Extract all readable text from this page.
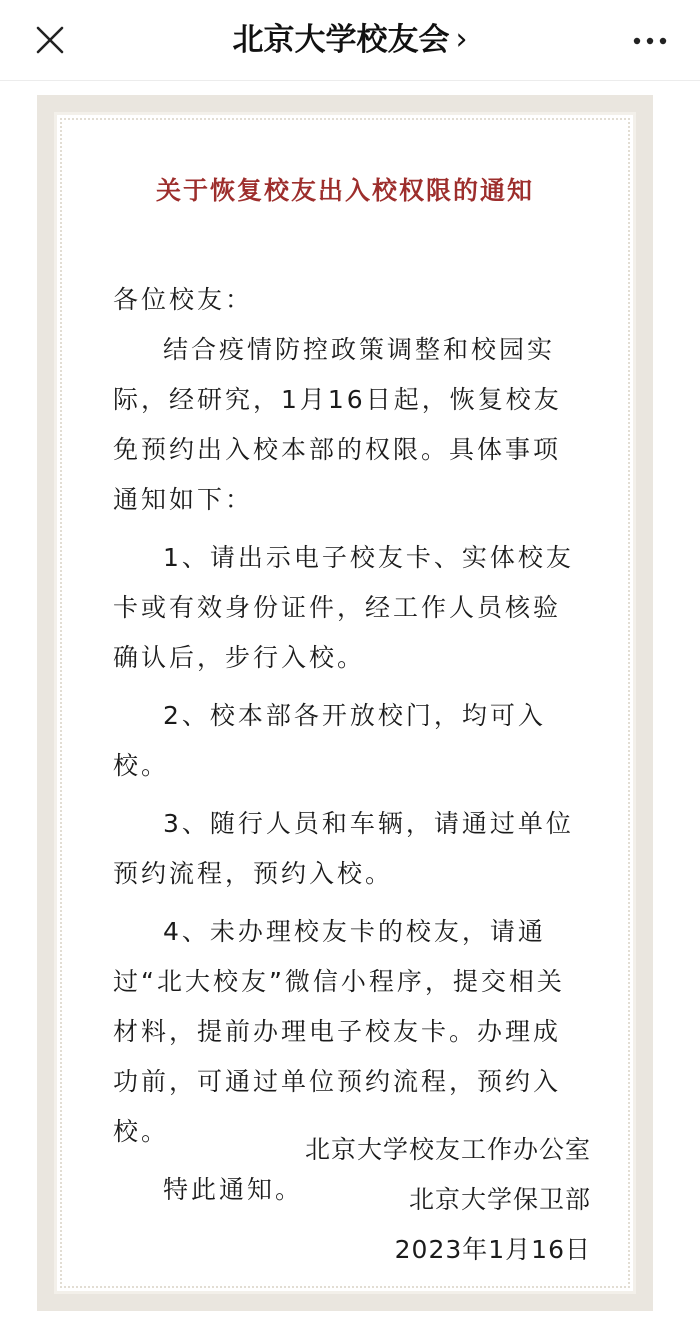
北京大学校友会 ›
关于恢复校友出入校权限的通知

各位校友：

结合疫情防控政策调整和校园实际，经研究，1月16日起，恢复校友免预约出入校本部的权限。具体事项通知如下：

1、请出示电子校友卡、实体校友卡或有效身份证件，经工作人员核验确认后，步行入校。

2、校本部各开放校门，均可入校。

3、随行人员和车辆，请通过单位预约流程，预约入校。

4、未办理校友卡的校友，请通过“北大校友”微信小程序，提交相关材料，提前办理电子校友卡。办理成功前，可通过单位预约流程，预约入校。

特此通知。

北京大学校友工作办公室

北京大学保卫部

2023年1月16日
